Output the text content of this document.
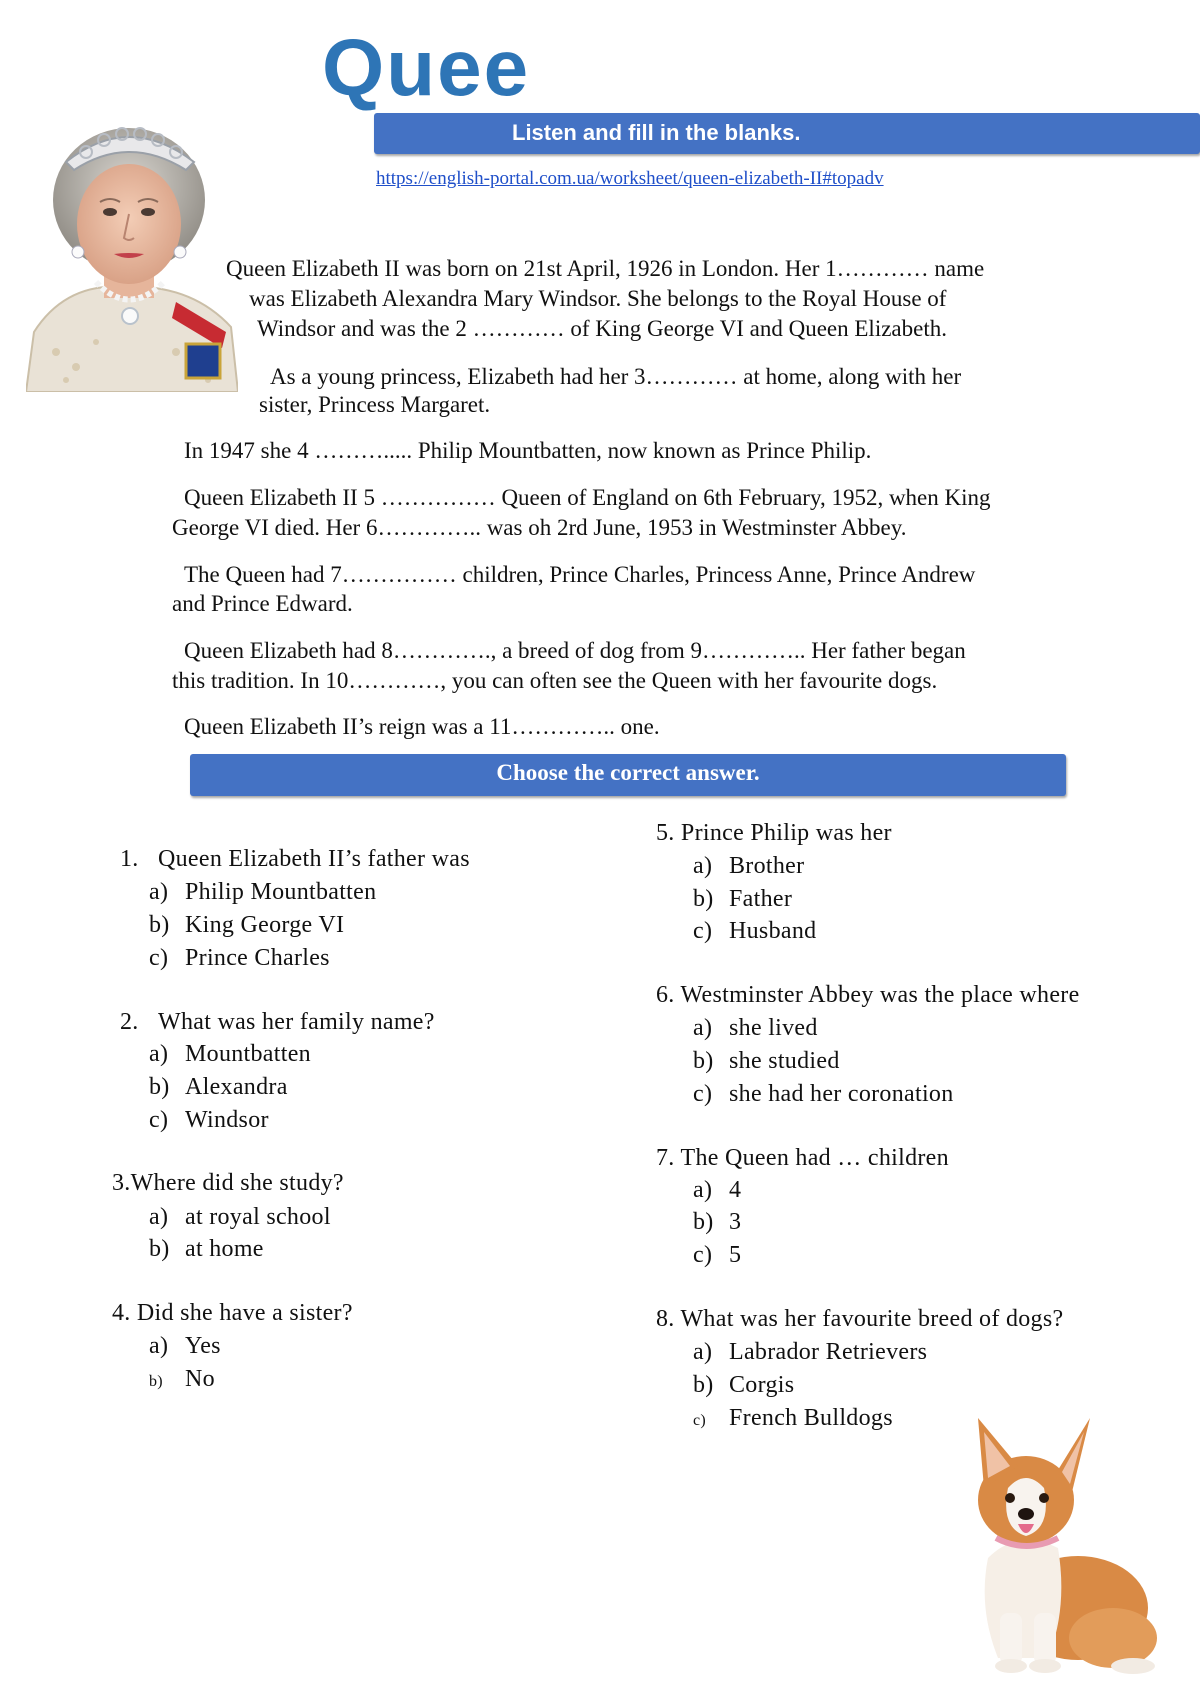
Quee
Listen and fill in the blanks.
https://english-portal.com.ua/worksheet/queen-elizabeth-II#topadv
Queen Elizabeth II was born on 21st April, 1926 in London. Her 1………… name
was Elizabeth Alexandra Mary Windsor. She belongs to the Royal House of
Windsor and was the 2 ………… of King George VI and Queen Elizabeth.
As a young princess, Elizabeth had her 3………… at home, along with her
sister, Princess Margaret.
In 1947 she 4 ………..... Philip Mountbatten, now known as Prince Philip.
Queen Elizabeth II 5 …………… Queen of England on 6th February, 1952, when King
George VI died. Her 6………….. was oh 2rd June, 1953 in Westminster Abbey.
The Queen had 7…………… children, Prince Charles, Princess Anne, Prince Andrew
and Prince Edward.
Queen Elizabeth had 8…………., a breed of dog from 9………….. Her father began
this tradition. In 10…………, you can often see the Queen with her favourite dogs.
Queen Elizabeth II’s reign was a 11………….. one.
Choose the correct answer.
1. Queen Elizabeth II’s father was
a) Philip Mountbatten
b) King George VI
c) Prince Charles
2. What was her family name?
a) Mountbatten
b) Alexandra
c) Windsor
3.Where did she study?
a) at royal school
b) at home
4. Did she have a sister?
a) Yes
b) No
5. Prince Philip was her
a) Brother
b) Father
c) Husband
6. Westminster Abbey was the place where
a) she lived
b) she studied
c) she had her coronation
7. The Queen had … children
a) 4
b) 3
c) 5
8. What was her favourite breed of dogs?
a) Labrador Retrievers
b) Corgis
c) French Bulldogs
